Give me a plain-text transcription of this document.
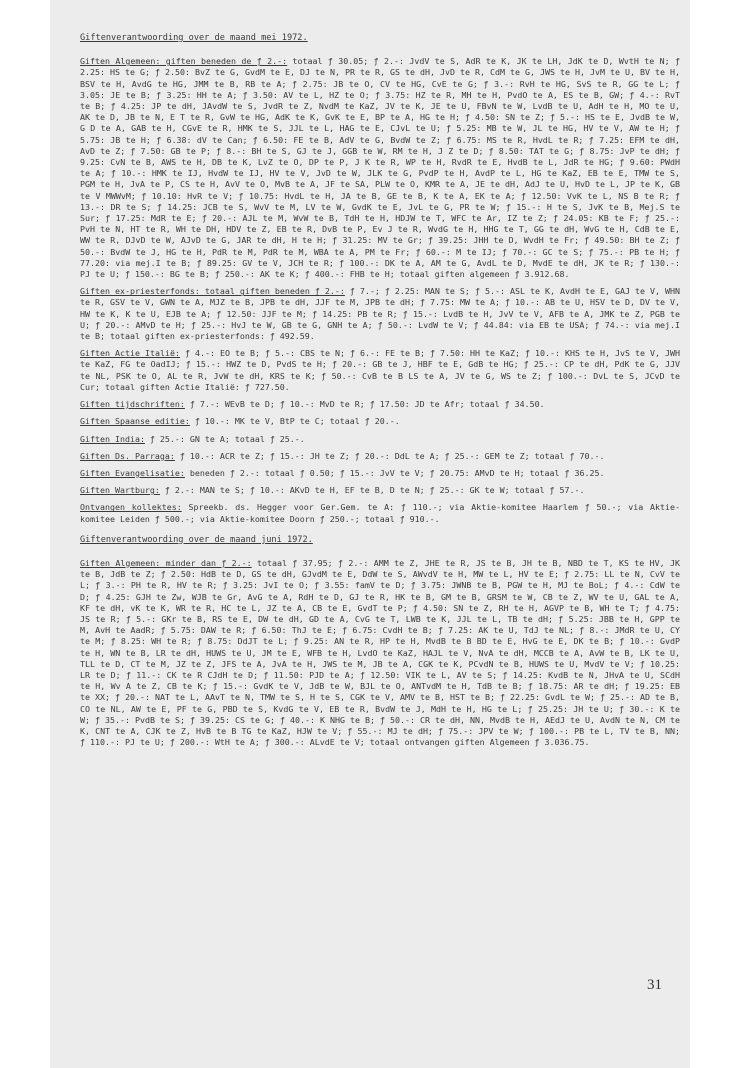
Giftenverantwoording over de maand mei 1972.

Giften Algemeen: giften beneden de ƒ 2.-: totaal ƒ 30.05; ƒ 2.-: JvdV te S, AdR te K, JK te LH, JdK te D, WvtH te N; ƒ 2.25: HS te G; ƒ 2.50: BvZ te G, GvdM te E, DJ te N, PR te R, GS te dH, JvD te R, CdM te G, JWS te H, JvM te U, BV te H, BSV te H, AvdG te HG, JMM te B, RB te A; ƒ 2.75: JB te O, CV te HG, CvE te G; ƒ 3.-: RvH te HG, SvS te R, GG te L; ƒ 3.05: JE te B; ƒ 3.25: HH te A; ƒ 3.50: AV te L, HZ te O; ƒ 3.75: HZ te R, MH te H, PvdO te A, ES te B, GW; ƒ 4.-: RvT te B; ƒ 4.25: JP te dH, JAvdW te S, JvdR te Z, NvdM te KaZ, JV te K, JE te U, FBvN te W, LvdB te U, AdH te H, MO te U, AK te D, JB te N, E T te R, GvW te HG, AdK te K, GvK te E, BP te A, HG te H; ƒ 4.50: SN te Z; ƒ 5.-: HS te E, JvdB te W, G D te A, GAB te H, CGvE te R, HMK te S, JJL te L, HAG te E, CJvL te U; ƒ 5.25: MB te W, JL te HG, HV te V, AW te H; ƒ 5.75: JB te H; ƒ 6.38: dV te Can; ƒ 6.50: FE te B, AdV te G, BvdW te Z; ƒ 6.75: MS te R, HvdL te R; ƒ 7.25: EFM te dH, AvD te Z; ƒ 7.50: GB te P; ƒ 8.-: BH te S, GJ te J, GGB te W, RM te H, J Z te D; ƒ 8.50: TAT te G; ƒ 8.75: JvP te dH; ƒ 9.25: CvN te B, AWS te H, DB te K, LvZ te O, DP te P, J K te R, WP te H, RvdR te E, HvdB te L, JdR te HG; ƒ 9.60: PWdH te A; ƒ 10.-: HMK te IJ, HvdW te IJ, HV te V, JvD te W, JLK te G, PvdP te H, AvdP te L, HG te KaZ, EB te E, TMW te S, PGM te H, JvA te P, CS te H, AvV te O, MvB te A, JF te SA, PLW te O, KMR te A, JE te dH, AdJ te U, HvD te L, JP te K, GB te V MWWvM; ƒ 10.10: HvR te V; ƒ 10.75: HvdL te H, JA te B, GE te B, K te A, EK te A; ƒ 12.50: VvK te L, NS B te R; ƒ 13.-: DR te S; ƒ 14.25: JCB te S, WvV te M, LV te W, GvdK te E, JvL te G, PR te W; ƒ 15.-: H te S, JvK te B, Mej.S te Sur; ƒ 17.25: MdR te E; ƒ 20.-: AJL te M, WvW te B, TdH te H, HDJW te T, WFC te Ar, IZ te Z; ƒ 24.05: KB te F; ƒ 25.-: PvH te N, HT te R, WH te DH, HDV te Z, EB te R, DvB te P, Ev J te R, WvdG te H, HHG te T, GG te dH, WvG te H, CdB te E, WW te R, DJvD te W, AJvD te G, JAR te dH, H te H; ƒ 31.25: MV te Gr; ƒ 39.25: JHH te D, WvdH te Fr; ƒ 49.50: BH te Z; ƒ 50.-: BvdW te J, HG te H, PdR te M, PdR te M, WBA te A, PM te Fr; ƒ 60.-: M te IJ; ƒ 70.-: GC te S; ƒ 75.-: PB te H; ƒ 77.20: via mej.I te B; ƒ 89.25: GV te V, JCH te R; ƒ 100.-: DK te A, AM te G, AvdL te D, MvdE te dH, JK te R; ƒ 130.-: PJ te U; ƒ 150.-: BG te B; ƒ 250.-: AK te K; ƒ 400.-: FHB te H; totaal giften algemeen ƒ 3.912.68.

Giften ex-priesterfonds: totaal giften beneden ƒ 2.-: ƒ 7.-; ƒ 2.25: MAN te S; ƒ 5.-: ASL te K, AvdH te E, GAJ te V, WHN te R, GSV te V, GWN te A, MJZ te B, JPB te dH, JJF te M, JPB te dH; ƒ 7.75: MW te A; ƒ 10.-: AB te U, HSV te D, DV te V, HW te K, K te U, EJB te A; ƒ 12.50: JJF te M; ƒ 14.25: PB te R; ƒ 15.-: LvdB te H, JvV te V, AFB te A, JMK te Z, PGB te U; ƒ 20.-: AMvD te H; ƒ 25.-: HvJ te W, GB te G, GNH te A; ƒ 50.-: LvdW te V; ƒ 44.84: via EB te USA; ƒ 74.-: via mej.I te B; totaal giften ex-priesterfonds: ƒ 492.59.

Giften Actie Italië: ƒ 4.-: EO te B; ƒ 5.-: CBS te N; ƒ 6.-: FE te B; ƒ 7.50: HH te KaZ; ƒ 10.-: KHS te H, JvS te V, JWH te KaZ, FG te OadIJ; ƒ 15.-: HWZ te D, PvdS te H; ƒ 20.-: GB te J, HBF te E, GdB te HG; ƒ 25.-: CP te dH, PdK te G, JJV te NL, PSK te O, AL te R, JvW te dH, KRS te K; ƒ 50.-: CvB te B LS te A, JV te G, WS te Z; ƒ 100.-: DvL te S, JCvD te Cur; totaal giften Actie Italië: ƒ 727.50.

Giften tijdschriften: ƒ 7.-: WEvB te D; ƒ 10.-: MvD te R; ƒ 17.50: JD te Afr; totaal ƒ 34.50.

Giften Spaanse editie: ƒ 10.-: MK te V, BtP te C; totaal ƒ 20.-.

Giften India: ƒ 25.-: GN te A; totaal ƒ 25.-.

Giften Ds. Parraga: ƒ 10.-: ACR te Z; ƒ 15.-: JH te Z; ƒ 20.-: DdL te A; ƒ 25.-: GEM te Z; totaal ƒ 70.-.

Giften Evangelisatie: beneden ƒ 2.-: totaal ƒ 0.50; ƒ 15.-: JvV te V; ƒ 20.75: AMvD te H; totaal ƒ 36.25.

Giften Wartburg: ƒ 2.-: MAN te S; ƒ 10.-: AKvD te H, EF te B, D te N; ƒ 25.-: GK te W; totaal ƒ 57.-.

Ontvangen kollektes: Spreekb. ds. Hegger voor Ger.Gem. te A: ƒ 110.-; via Aktie-komitee Haarlem ƒ 50.-; via Aktie-komitee Leiden ƒ 500.-; via Aktie-komitee Doorn ƒ 250.-; totaal ƒ 910.-.

Giftenverantwoording over de maand juni 1972.

Giften Algemeen: minder dan ƒ 2.-: totaal ƒ 37.95; ƒ 2.-: AMM te Z, JHE te R, JS te B, JH te B, NBD te T, KS te HV, JK te B, JdB te Z; ƒ 2.50: HdB te D, GS te dH, GJvdM te E, DdW te S, AWvdV te H, MW te L, HV te E; ƒ 2.75: LL te N, CvV te L; ƒ 3.-: PH te R, HV te R; ƒ 3.25: JvI te O; ƒ 3.55: famV te D; ƒ 3.75: JWNB te B, PGW te H, MJ te BoL; ƒ 4.-: CdW te D; ƒ 4.25: GJH te Zw, WJB te Gr, AvG te A, RdH te D, GJ te R, HK te B, GM te B, GRSM te W, CB te Z, WV te U, GAL te A, KF te dH, vK te K, WR te R, HC te L, JZ te A, CB te E, GvdT te P; ƒ 4.50: SN te Z, RH te H, AGVP te B, WH te T; ƒ 4.75: JS te R; ƒ 5.-: GKr te B, RS te E, DW te dH, GD te A, CvG te T, LWB te K, JJL te L, TB te dH; ƒ 5.25: JBB te H, GPP te M, AvH te AadR; ƒ 5.75: DAW te R; ƒ 6.50: ThJ te E; ƒ 6.75: CvdH te B; ƒ 7.25: AK te U, TdJ te NL; ƒ 8.-: JMdR te U, CY te M; ƒ 8.25: WH te R; ƒ 8.75: DdJT te L; ƒ 9.25: AN te R, HP te H, MvdB te B BD te E, HvG te E, DK te B; ƒ 10.-: GvdP te H, WN te B, LR te dH, HUWS te U, JM te E, WFB te H, LvdO te KaZ, HAJL te V, NvA te dH, MCCB te A, AvW te B, LK te U, TLL te D, CT te M, JZ te Z, JFS te A, JvA te H, JWS te M, JB te A, CGK te K, PCvdN te B, HUWS te U, MvdV te V; ƒ 10.25: LR te D; ƒ 11.-: CK te R CJdH te D; ƒ 11.50: PJD te A; ƒ 12.50: VIK te L, AV te S; ƒ 14.25: KvdB te N, JHvA te U, SCdH te H, Wv A te Z, CB te K; ƒ 15.-: GvdK te V, JdB te W, BJL te O, ANTvdM te H, TdB te B; ƒ 18.75: AR te dH; ƒ 19.25: EB te XX; ƒ 20.-: NAT te L, AAvT te N, TMW te S, H te S, CGK te V, AMV te B, HST te B; ƒ 22.25: GvdL te W; ƒ 25.-: AD te B, CO te NL, AW te E, PF te G, PBD te S, KvdG te V, EB te R, BvdW te J, MdH te H, HG te L; ƒ 25.25: JH te U; ƒ 30.-: K te W; ƒ 35.-: PvdB te S; ƒ 39.25: CS te G; ƒ 40.-: K NHG te B; ƒ 50.-: CR te dH, NN, MvdB te H, AEdJ te U, AvdN te N, CM te K, CNT te A, CJK te Z, HvB te B TG te KaZ, HJW te V; ƒ 55.-: MJ te dH; ƒ 75.-: JPV te W; ƒ 100.-: PB te L, TV te B, NN; ƒ 110.-: PJ te U; ƒ 200.-: WtH te A; ƒ 300.-: ALvdE te V; totaal ontvangen giften Algemeen ƒ 3.036.75.

31
